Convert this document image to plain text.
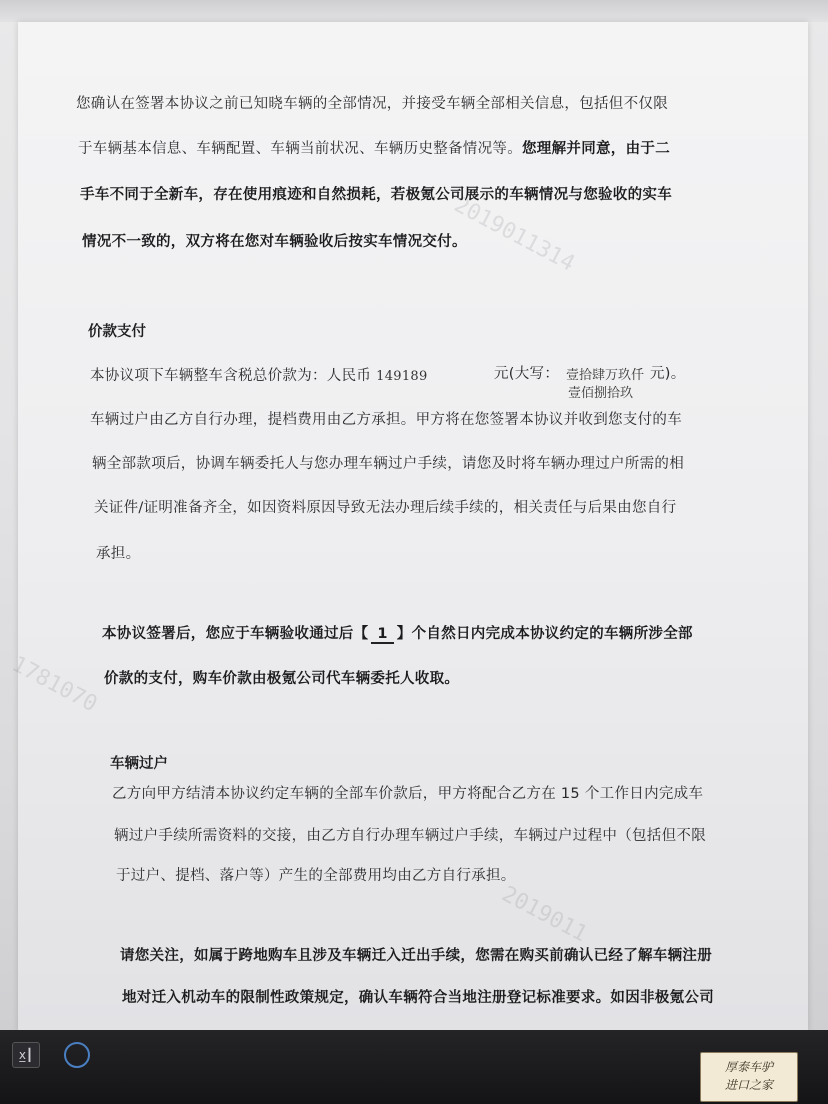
2019011314
1781070
2019011
您确认在签署本协议之前已知晓车辆的全部情况，并接受车辆全部相关信息，包括但不仅限
于车辆基本信息、车辆配置、车辆当前状况、车辆历史整备情况等。您理解并同意，由于二
手车不同于全新车，存在使用痕迹和自然损耗，若极氪公司展示的车辆情况与您验收的实车
情况不一致的，双方将在您对车辆验收后按实车情况交付。
价款支付
本协议项下车辆整车含税总价款为：人民币 149189	元(大写： 壹拾肆万玖仟 元)。
壹佰捌拾玖
车辆过户由乙方自行办理，提档费用由乙方承担。甲方将在您签署本协议并收到您支付的车
辆全部款项后，协调车辆委托人与您办理车辆过户手续，请您及时将车辆办理过户所需的相
关证件/证明准备齐全，如因资料原因导致无法办理后续手续的，相关责任与后果由您自行
承担。
本协议签署后，您应于车辆验收通过后【 1 】个自然日内完成本协议约定的车辆所涉全部
价款的支付，购车价款由极氪公司代车辆委托人收取。
车辆过户
乙方向甲方结清本协议约定车辆的全部车价款后，甲方将配合乙方在 15 个工作日内完成车
辆过户手续所需资料的交接，由乙方自行办理车辆过户手续，车辆过户过程中（包括但不限
于过户、提档、落户等）产生的全部费用均由乙方自行承担。
请您关注，如属于跨地购车且涉及车辆迁入迁出手续，您需在购买前确认已经了解车辆注册
地对迁入机动车的限制性政策规定，确认车辆符合当地注册登记标准要求。如因非极氪公司
x̲┃
厚泰车驴
进口之家
